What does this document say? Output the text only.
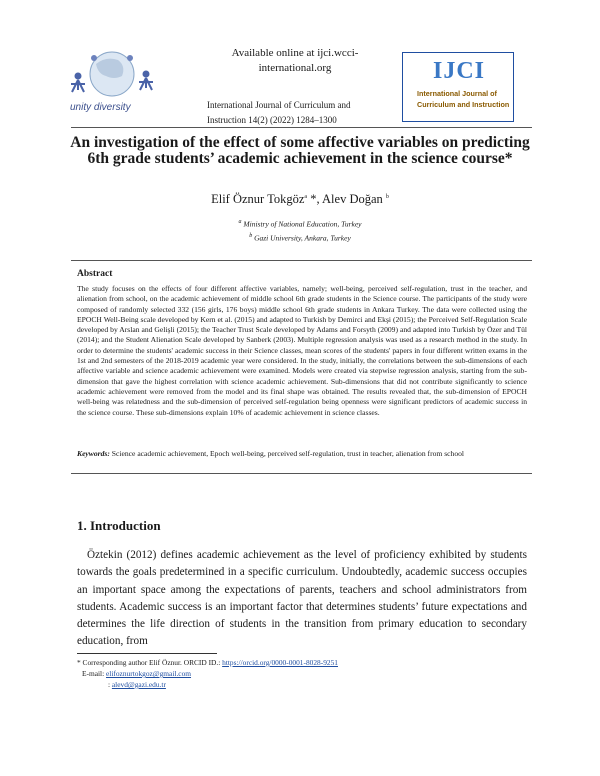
unity diversity
Available online at ijci.wcci-
international.org
International Journal of Curriculum and
Instruction 14(2) (2022) 1284–1300
IJCI
International Journal of
Curriculum and Instruction
An investigation of the effect of some affective variables on predicting 6th grade students’ academic achievement in the science course*
Elif Öznur Tokgöz$^a$ *, Alev Doğan $^b$
$^a$ Ministry of National Education, Turkey
$^b$ Gazi University, Ankara, Turkey
Abstract
The study focuses on the effects of four different affective variables, namely; well-being, perceived self-regulation, trust in the teacher, and alienation from school, on the academic achievement of middle school 6th grade students in the Science course. The participants of the study were composed of randomly selected 332 (156 girls, 176 boys) middle school 6th grade students in Ankara Turkey. The data were collected using the EPOCH Well-Being scale developed by Kern et al. (2015) and adapted to Turkish by Demirci and Ekşi (2015); the Perceived Self-Regulation Scale developed by Arslan and Gelişli (2015); the Teacher Trust Scale developed by Adams and Forsyth (2009) and adapted into Turkish by Özer and Tül (2014); and the Student Alienation Scale developed by Sanberk (2003). Multiple regression analysis was used as a research method in the study. In order to determine the students' academic success in their Science classes, mean scores of the students' papers in four different written exams in the 1st and 2nd semesters of the 2018-2019 academic year were considered. In the study, initially, the correlations between the sub-dimensions of each affective variable and science academic achievement were examined. Models were created via stepwise regression analysis, starting from the sub-dimension that gave the highest correlation with science academic achievement. Sub-dimensions that did not contribute significantly to science academic achievement were removed from the model and its final shape was obtained. The results revealed that, the sub-dimension of EPOCH well-being was relatedness and the sub-dimension of perceived self-regulation being openness were significant predictors of academic success in the science course. These sub-dimensions explain 10% of academic achievement in science classes.
Keywords: Science academic achievement, Epoch well-being, perceived self-regulation, trust in teacher, alienation from school
1. Introduction
Öztekin (2012) defines academic achievement as the level of proficiency exhibited by students towards the goals predetermined in a specific curriculum. Undoubtedly, academic success occupies an important space among the expectations of parents, teachers and school administrators from students. Academic success is an important factor that determines students’ future expectations and determines the life direction of students in the transition from primary education to secondary education, from
* Corresponding author Elif Öznur. ORCID ID.: https://orcid.org/0000-0001-8028-9251
E-mail: elifoznurtokgoz@gmail.com
: alevd@gazi.edu.tr
